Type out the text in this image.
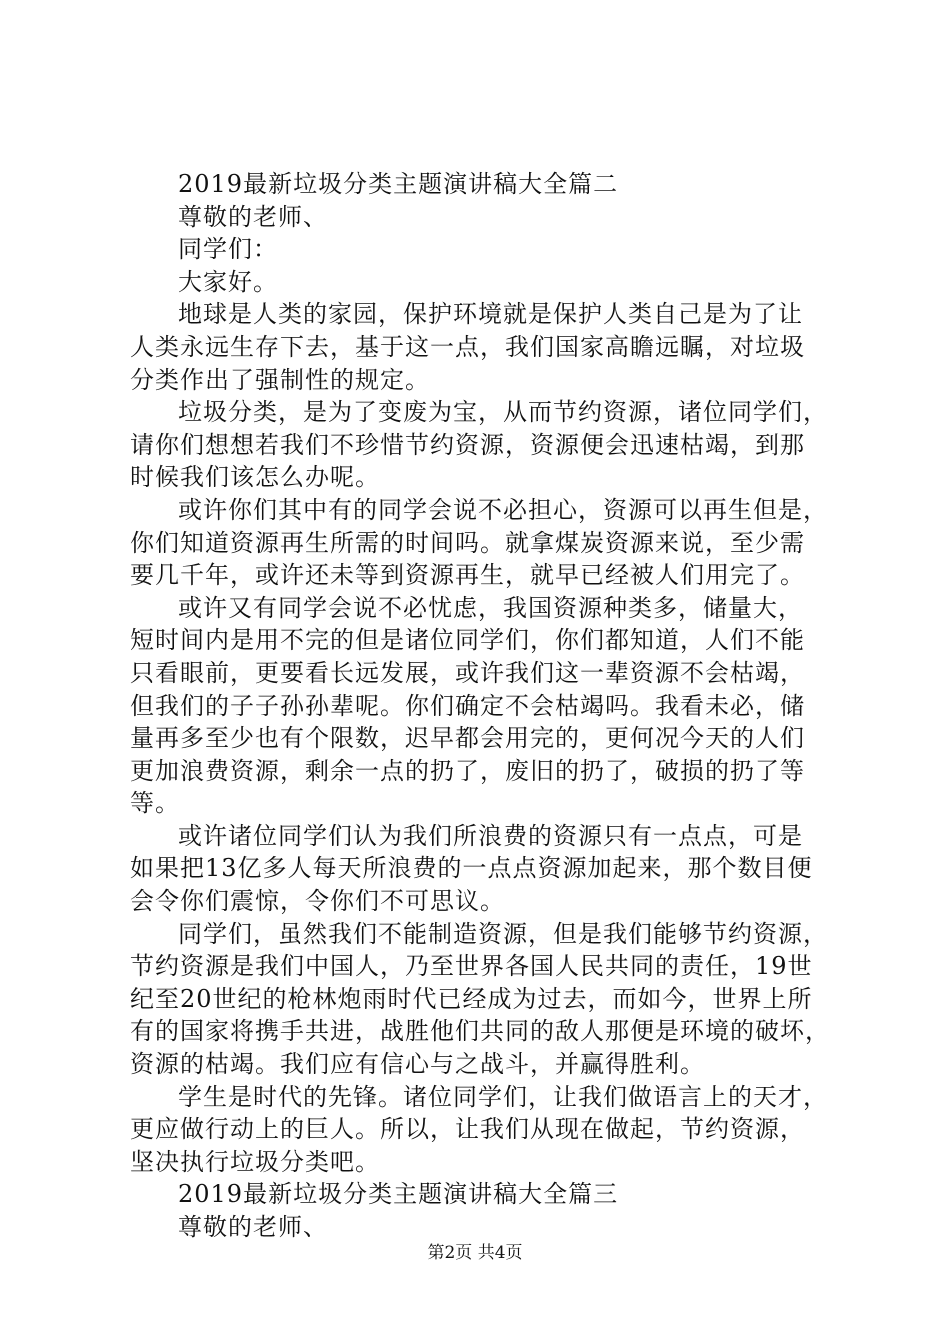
2019最新垃圾分类主题演讲稿大全篇二
尊敬的老师、
同学们：
大家好。
地球是人类的家园，保护环境就是保护人类自己是为了让
人类永远生存下去，基于这一点，我们国家高瞻远瞩，对垃圾
分类作出了强制性的规定。
垃圾分类，是为了变废为宝，从而节约资源，诸位同学们，
请你们想想若我们不珍惜节约资源，资源便会迅速枯竭，到那
时候我们该怎么办呢。
或许你们其中有的同学会说不必担心，资源可以再生但是，
你们知道资源再生所需的时间吗。就拿煤炭资源来说，至少需
要几千年，或许还未等到资源再生，就早已经被人们用完了。
或许又有同学会说不必忧虑，我国资源种类多，储量大，
短时间内是用不完的但是诸位同学们，你们都知道，人们不能
只看眼前，更要看长远发展，或许我们这一辈资源不会枯竭，
但我们的子子孙孙辈呢。你们确定不会枯竭吗。我看未必，储
量再多至少也有个限数，迟早都会用完的，更何况今天的人们
更加浪费资源，剩余一点的扔了，废旧的扔了，破损的扔了等
等。
或许诸位同学们认为我们所浪费的资源只有一点点，可是
如果把13亿多人每天所浪费的一点点资源加起来，那个数目便
会令你们震惊，令你们不可思议。
同学们，虽然我们不能制造资源，但是我们能够节约资源，
节约资源是我们中国人，乃至世界各国人民共同的责任，19世
纪至20世纪的枪林炮雨时代已经成为过去，而如今，世界上所
有的国家将携手共进，战胜他们共同的敌人那便是环境的破坏，
资源的枯竭。我们应有信心与之战斗，并赢得胜利。
学生是时代的先锋。诸位同学们，让我们做语言上的天才，
更应做行动上的巨人。所以，让我们从现在做起，节约资源，
坚决执行垃圾分类吧。
2019最新垃圾分类主题演讲稿大全篇三
尊敬的老师、
第2页 共4页
